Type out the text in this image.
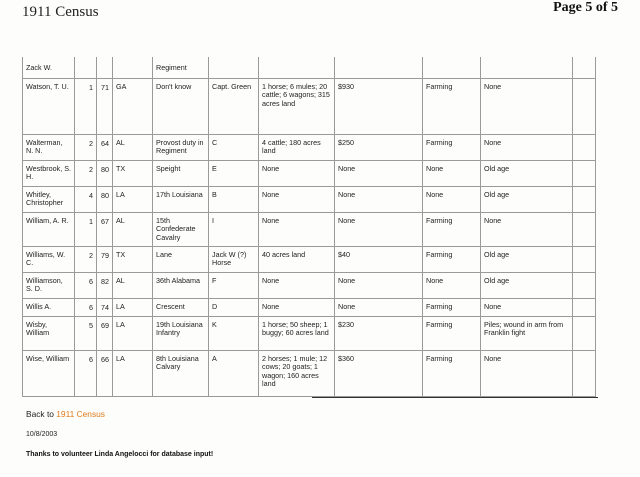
1911 Census	Page 5 of 5
Zack W.				Regiment						
Watson, T. U.	1	71	GA	Don't know	Capt. Green	1 horse; 6 mules; 20 cattle; 6 wagons; 315 acres land	$930	Farming	None	
Walterman, N. N.	2	64	AL	Provost duty in Regiment	C	4 cattle; 180 acres land	$250	Farming	None	
Westbrook, S. H.	2	80	TX	Speight	E	None	None	None	Old age	
Whitley, Christopher	4	80	LA	17th Louisiana	B	None	None	None	Old age	
William, A. R.	1	67	AL	15th Confederate Cavalry	I	None	None	Farming	None	
Williams, W. C.	2	79	TX	Lane	Jack W (?) Horse	40 acres land	$40	Farming	Old age	
Williamson, S. D.	6	82	AL	36th Alabama	F	None	None	None	Old age	
Willis A.	6	74	LA	Crescent	D	None	None	Farming	None	
Wisby, William	5	69	LA	19th Louisiana Infantry	K	1 horse; 50 sheep; 1 buggy; 60 acres land	$230	Farming	Piles; wound in arm from Franklin fight	
Wise, William	6	66	LA	8th Louisiana Calvary	A	2 horses; 1 mule; 12 cows; 20 goats; 1 wagon; 160 acres land	$360	Farming	None	
Back to 1911 Census
10/8/2003
Thanks to volunteer Linda Angelocci for database input!
